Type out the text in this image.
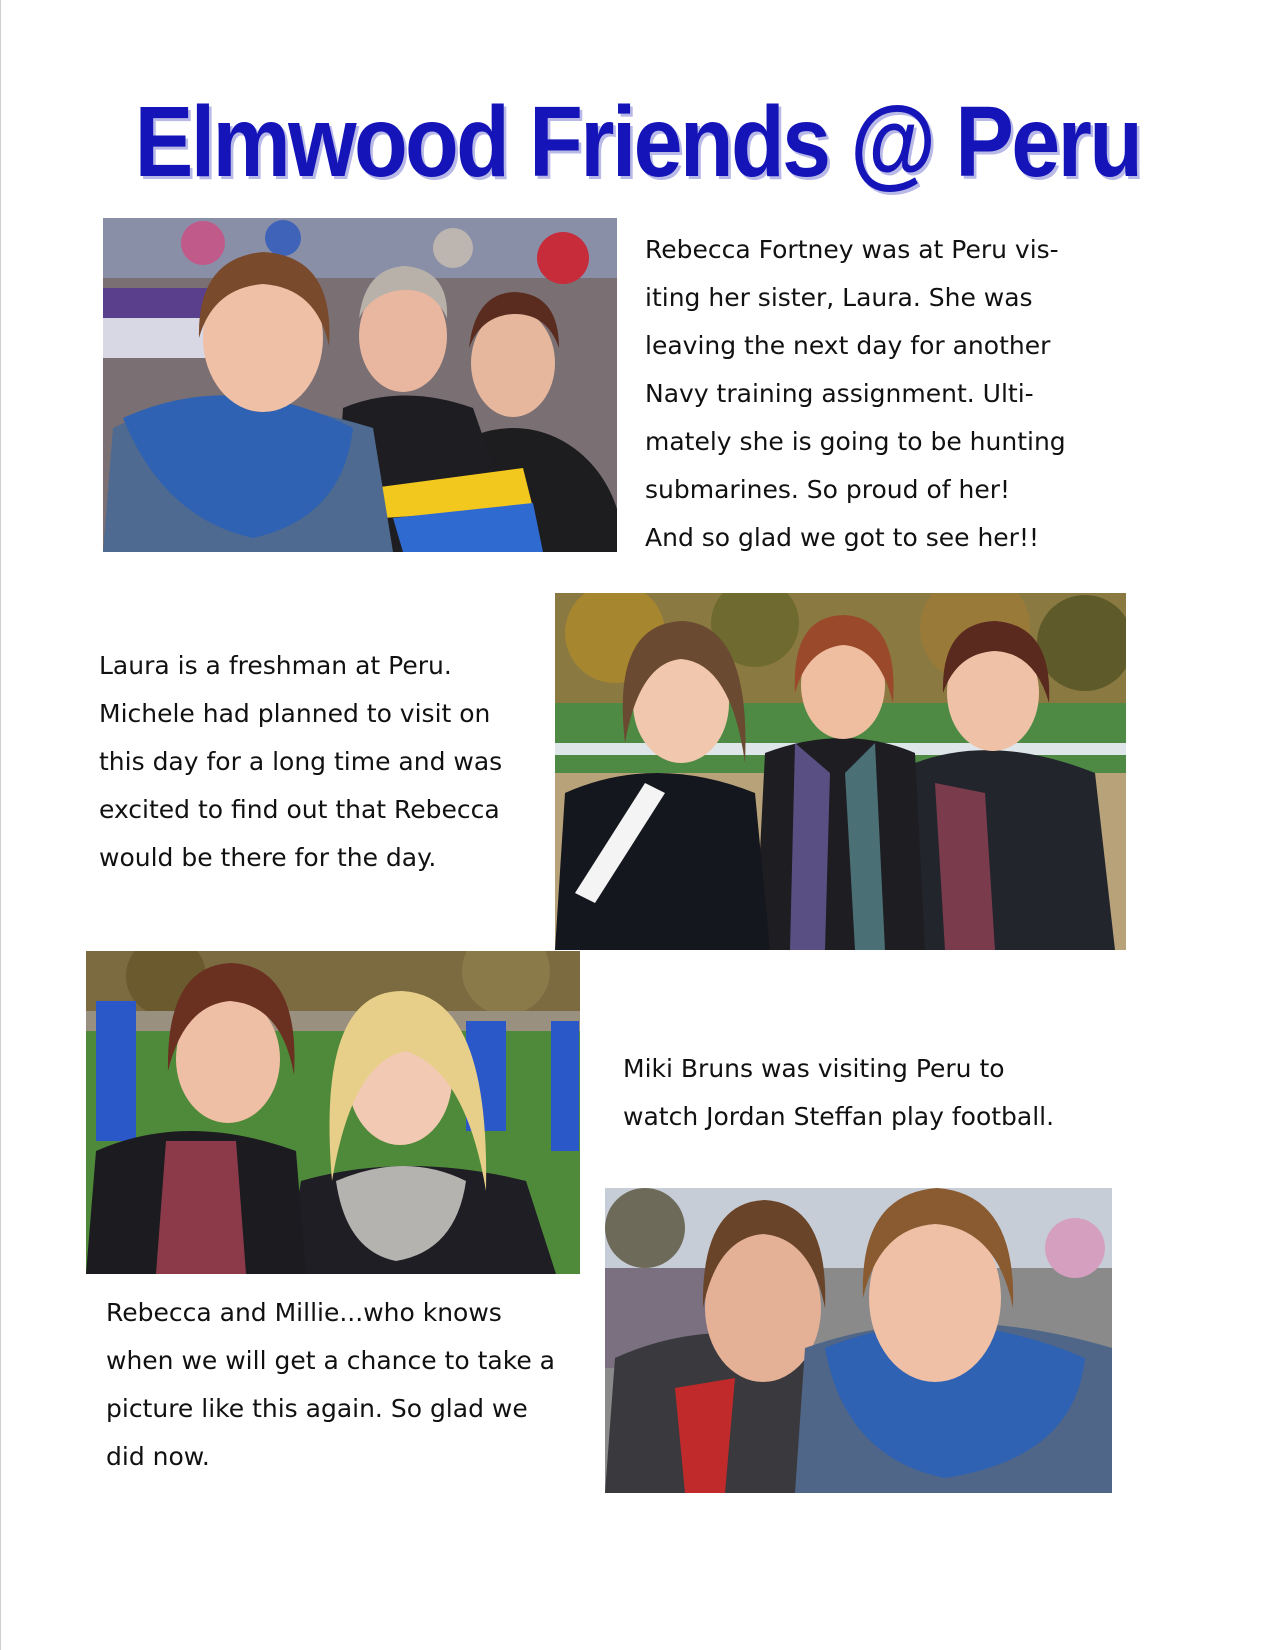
Elmwood Friends @ Peru

Rebecca Fortney was at Peru vis-

iting her sister, Laura. She was

leaving the next day for another

Navy training assignment. Ulti-

mately she is going to be hunting

submarines. So proud of her!

And so glad we got to see her!!

Laura is a freshman at Peru.

Michele had planned to visit on

this day for a long time and was

excited to find out that Rebecca

would be there for the day.

Miki Bruns was visiting Peru to

watch Jordan Steffan play football.

Rebecca and Millie...who knows

when we will get a chance to take a

picture like this again. So glad we

did now.
